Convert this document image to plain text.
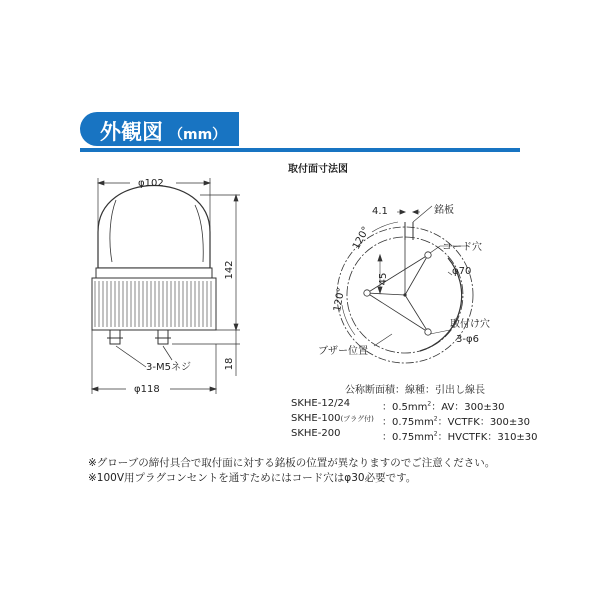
外観図 （mm）
φ102
142
18
3-M5ネジ
φ118
取付面寸法図
4.1	銘板
コード穴
120°
45
φ70
120°
取付け穴
3-φ6
ブザー位置
公称断面積：線種：引出し線長
SKHE-12/24	：$0.5mm^2$：AV：300±30
SKHE-100(プラグ付) ：$0.75mm^2$：VCTFK：300±30
SKHE-200	：$0.75mm^2$：HVCTFK：310±30
※グローブの締付具合で取付面に対する銘板の位置が異なりますのでご注意ください。
※100V用プラグコンセントを通すためにはコード穴はφ30必要です。
